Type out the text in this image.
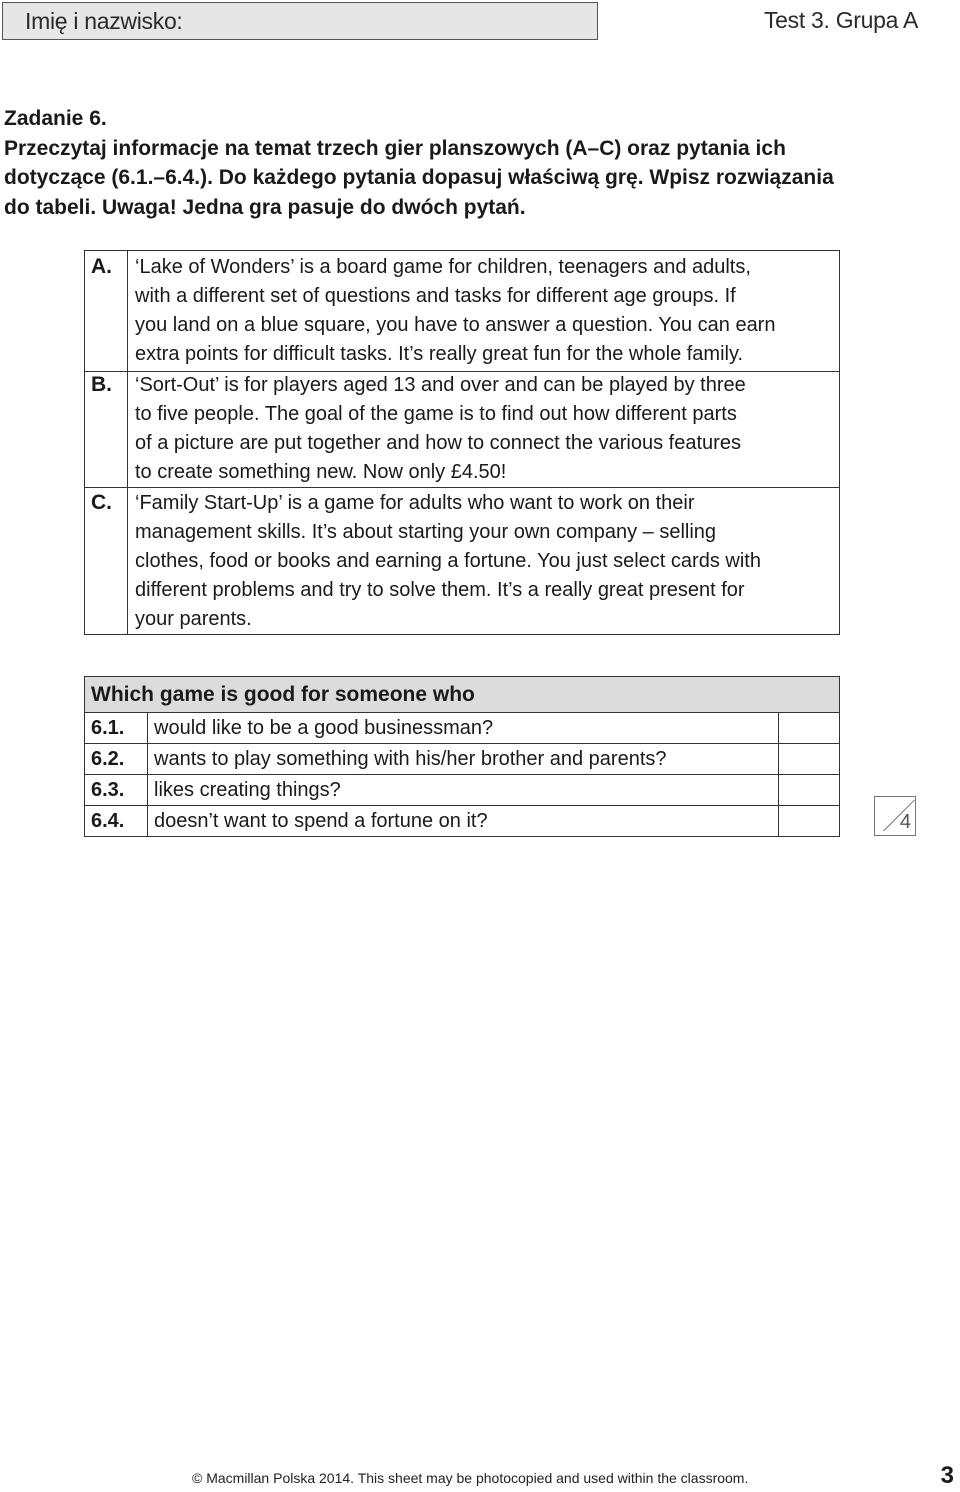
Imię i nazwisko:	Test 3. Grupa A

Zadanie 6.

Przeczytaj informacje na temat trzech gier planszowych (A–C) oraz pytania ich

dotyczące (6.1.–6.4.). Do każdego pytania dopasuj właściwą grę. Wpisz rozwiązania

do tabeli. Uwaga! Jedna gra pasuje do dwóch pytań.

A. ‘Lake of Wonders’ is a board game for children, teenagers and adults,
with a different set of questions and tasks for different age groups. If
you land on a blue square, you have to answer a question. You can earn
extra points for difficult tasks. It’s really great fun for the whole family.
B. ‘Sort-Out’ is for players aged 13 and over and can be played by three
to five people. The goal of the game is to find out how different parts
of a picture are put together and how to connect the various features
to create something new. Now only £4.50!
C. ‘Family Start-Up’ is a game for adults who want to work on their
management skills. It’s about starting your own company – selling
clothes, food or books and earning a fortune. You just select cards with
different problems and try to solve them. It’s a really great present for
your parents.
Which game is good for someone who		
6.1.	would like to be a good businessman?	
6.2.	wants to play something with his/her brother and parents?	
6.3.	likes creating things?	
6.4.	doesn’t want to spend a fortune on it?		4
© Macmillan Polska 2014. This sheet may be photocopied and used within the classroom.	3
